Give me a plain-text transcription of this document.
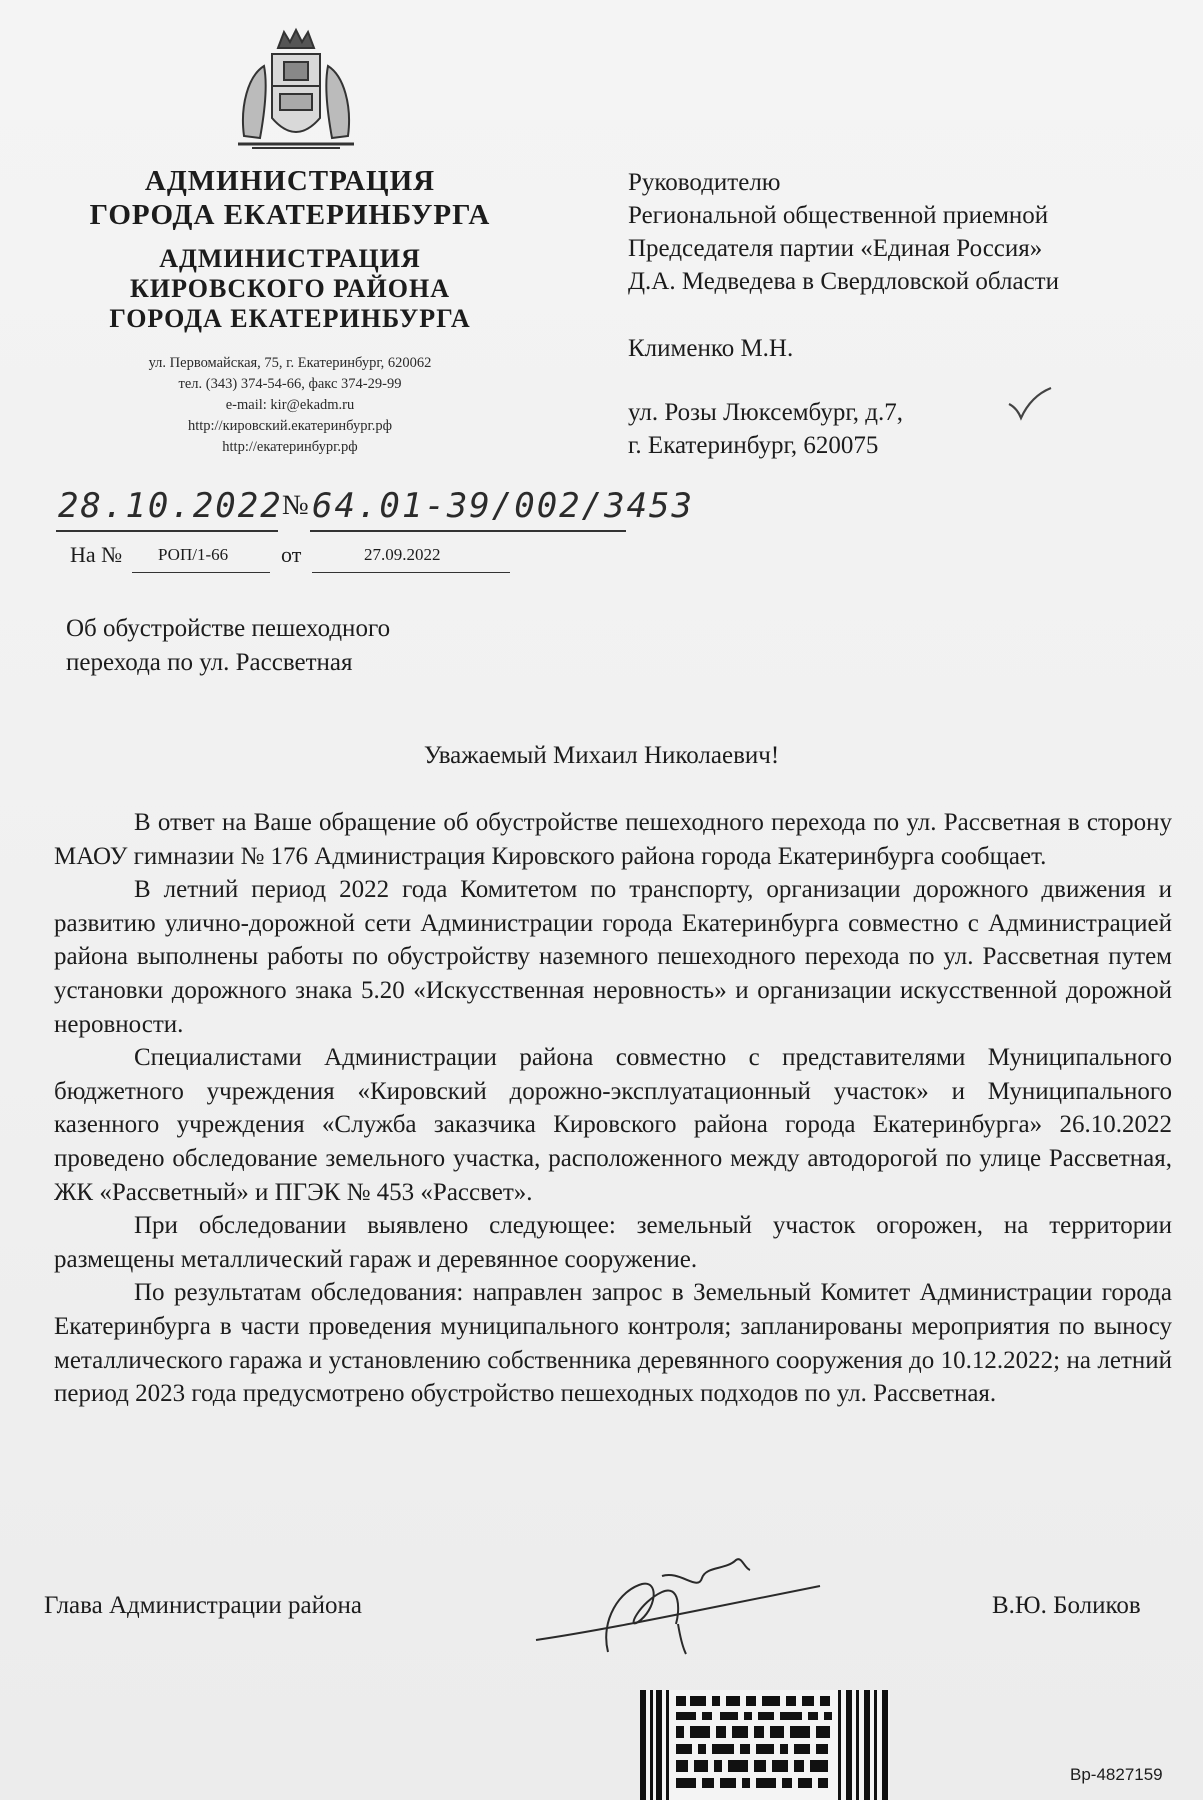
АДМИНИСТРАЦИЯ
ГОРОДА ЕКАТЕРИНБУРГА
АДМИНИСТРАЦИЯ
КИРОВСКОГО РАЙОНА
ГОРОДА ЕКАТЕРИНБУРГА
ул. Первомайская, 75, г. Екатеринбург, 620062
тел. (343) 374-54-66, факс 374-29-99
e-mail: kir@ekadm.ru
http://кировский.екатеринбург.рф
http://екатеринбург.рф
Руководителю
Региональной общественной приемной
Председателя партии «Единая Россия»
Д.А. Медведева в Свердловской области
Клименко М.Н.
ул. Розы Люксембург, д.7,
г. Екатеринбург, 620075
28.10.2022 № 64.01-39/002/3453
На № РОП/1-66 от	27.09.2022
Об обустройстве пешеходного
перехода по ул. Рассветная
Уважаемый Михаил Николаевич!

В ответ на Ваше обращение об обустройстве пешеходного перехода по ул. Рассветная в сторону МАОУ гимназии № 176 Администрация Кировского района города Екатеринбурга сообщает.

В летний период 2022 года Комитетом по транспорту, организации дорожного движения и развитию улично-дорожной сети Администрации города Екатеринбурга совместно с Администрацией района выполнены работы по обустройству наземного пешеходного перехода по ул. Рассветная путем установки дорожного знака 5.20 «Искусственная неровность» и организации искусственной дорожной неровности.

Специалистами Администрации района совместно с представителями Муниципального бюджетного учреждения «Кировский дорожно-эксплуатационный участок» и Муниципального казенного учреждения «Служба заказчика Кировского района города Екатеринбурга» 26.10.2022 проведено обследование земельного участка, расположенного между автодорогой по улице Рассветная, ЖК «Рассветный» и ПГЭК № 453 «Рассвет».

При обследовании выявлено следующее: земельный участок огорожен, на территории размещены металлический гараж и деревянное сооружение.

По результатам обследования: направлен запрос в Земельный Комитет Администрации города Екатеринбурга в части проведения муниципального контроля; запланированы мероприятия по выносу металлического гаража и установлению собственника деревянного сооружения до 10.12.2022; на летний период 2023 года предусмотрено обустройство пешеходных подходов по ул. Рассветная.

Глава Администрации района	В.Ю. Боликов
Вр-4827159
